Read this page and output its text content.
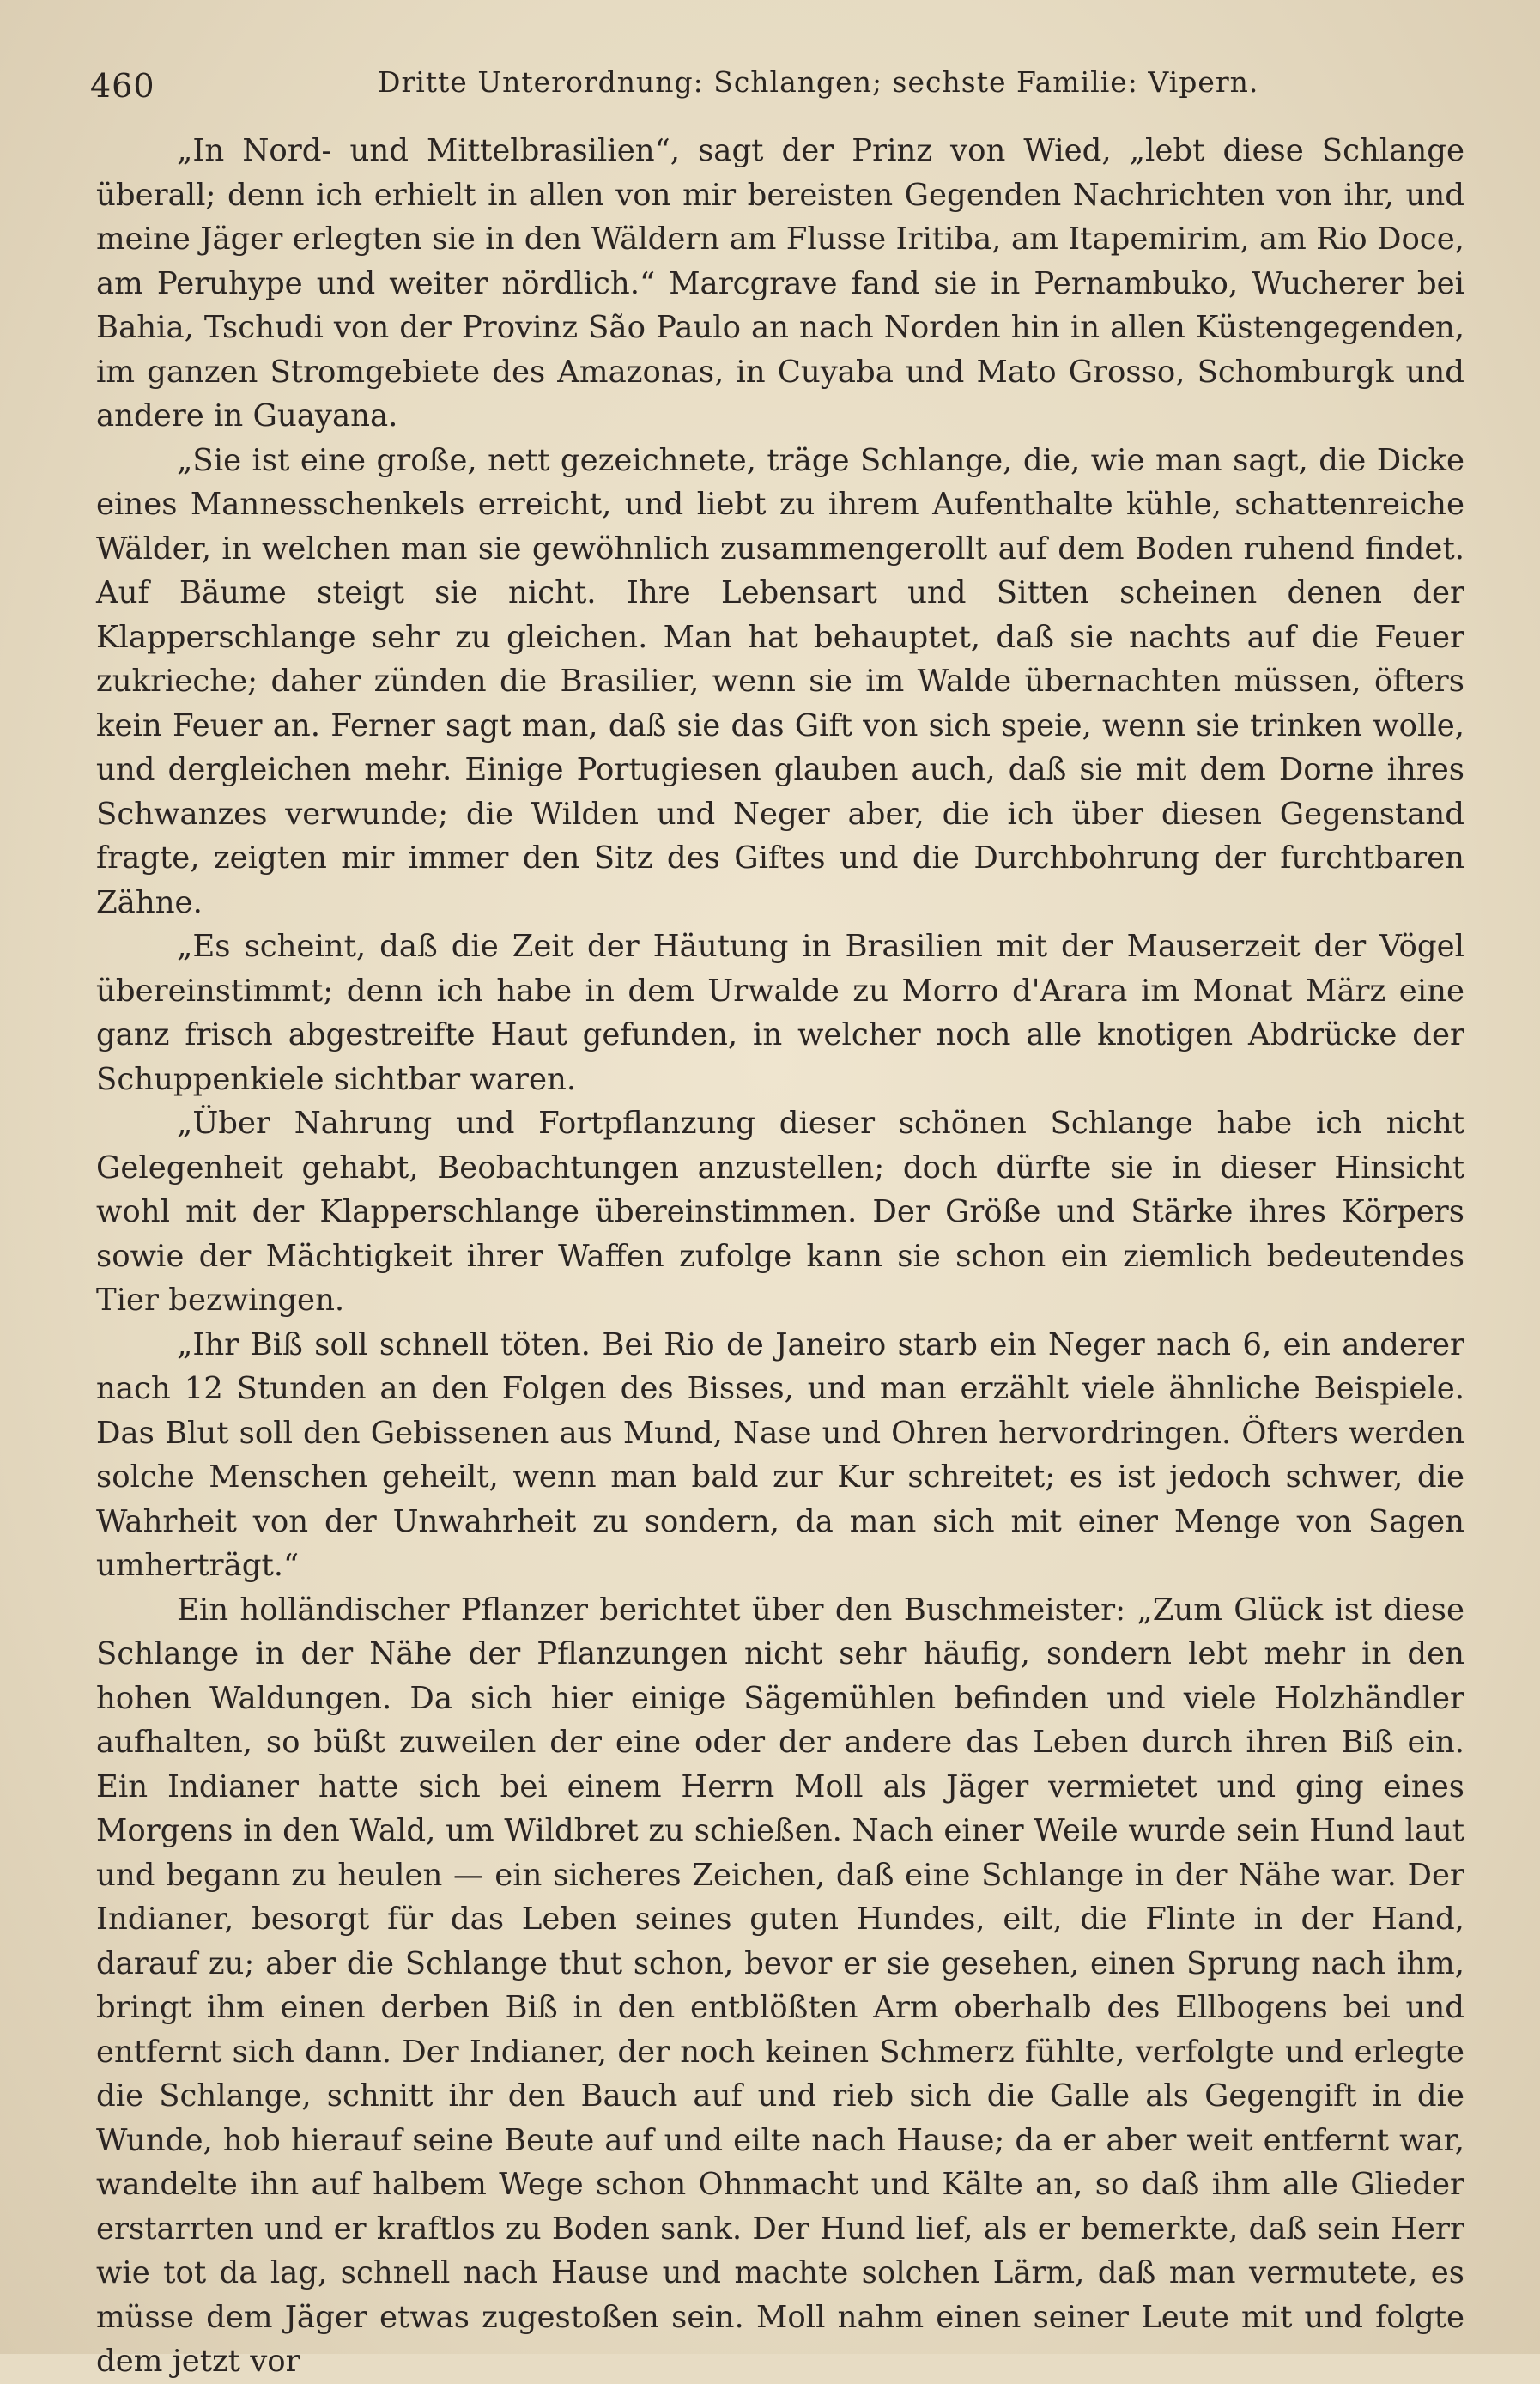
460	Dritte Unterordnung: Schlangen; sechste Familie: Vipern.

„In Nord- und Mittelbrasilien“, sagt der Prinz von Wied, „lebt diese Schlange überall; denn ich erhielt in allen von mir bereisten Gegenden Nachrichten von ihr, und meine Jäger erlegten sie in den Wäldern am Flusse Iritiba, am Itapemirim, am Rio Doce, am Peruhype und weiter nördlich.“ Marcgrave fand sie in Pernambuko, Wucherer bei Bahia, Tschudi von der Provinz São Paulo an nach Norden hin in allen Küstengegenden, im ganzen Stromgebiete des Amazonas, in Cuyaba und Mato Grosso, Schomburgk und andere in Guayana.

„Sie ist eine große, nett gezeichnete, träge Schlange, die, wie man sagt, die Dicke eines Mannesschenkels erreicht, und liebt zu ihrem Aufenthalte kühle, schattenreiche Wälder, in welchen man sie gewöhnlich zusammengerollt auf dem Boden ruhend findet. Auf Bäume steigt sie nicht. Ihre Lebensart und Sitten scheinen denen der Klapperschlange sehr zu gleichen. Man hat behauptet, daß sie nachts auf die Feuer zukrieche; daher zünden die Brasilier, wenn sie im Walde übernachten müssen, öfters kein Feuer an. Ferner sagt man, daß sie das Gift von sich speie, wenn sie trinken wolle, und dergleichen mehr. Einige Portugiesen glauben auch, daß sie mit dem Dorne ihres Schwanzes verwunde; die Wilden und Neger aber, die ich über diesen Gegenstand fragte, zeigten mir immer den Sitz des Giftes und die Durchbohrung der furchtbaren Zähne.

„Es scheint, daß die Zeit der Häutung in Brasilien mit der Mauserzeit der Vögel übereinstimmt; denn ich habe in dem Urwalde zu Morro d'Arara im Monat März eine ganz frisch abgestreifte Haut gefunden, in welcher noch alle knotigen Abdrücke der Schuppenkiele sichtbar waren.

„Über Nahrung und Fortpflanzung dieser schönen Schlange habe ich nicht Gelegenheit gehabt, Beobachtungen anzustellen; doch dürfte sie in dieser Hinsicht wohl mit der Klapperschlange übereinstimmen. Der Größe und Stärke ihres Körpers sowie der Mächtigkeit ihrer Waffen zufolge kann sie schon ein ziemlich bedeutendes Tier bezwingen.

„Ihr Biß soll schnell töten. Bei Rio de Janeiro starb ein Neger nach 6, ein anderer nach 12 Stunden an den Folgen des Bisses, und man erzählt viele ähnliche Beispiele. Das Blut soll den Gebissenen aus Mund, Nase und Ohren hervordringen. Öfters werden solche Menschen geheilt, wenn man bald zur Kur schreitet; es ist jedoch schwer, die Wahrheit von der Unwahrheit zu sondern, da man sich mit einer Menge von Sagen umherträgt.“

Ein holländischer Pflanzer berichtet über den Buschmeister: „Zum Glück ist diese Schlange in der Nähe der Pflanzungen nicht sehr häufig, sondern lebt mehr in den hohen Waldungen. Da sich hier einige Sägemühlen befinden und viele Holzhändler aufhalten, so büßt zuweilen der eine oder der andere das Leben durch ihren Biß ein. Ein Indianer hatte sich bei einem Herrn Moll als Jäger vermietet und ging eines Morgens in den Wald, um Wildbret zu schießen. Nach einer Weile wurde sein Hund laut und begann zu heulen — ein sicheres Zeichen, daß eine Schlange in der Nähe war. Der Indianer, besorgt für das Leben seines guten Hundes, eilt, die Flinte in der Hand, darauf zu; aber die Schlange thut schon, bevor er sie gesehen, einen Sprung nach ihm, bringt ihm einen derben Biß in den entblößten Arm oberhalb des Ellbogens bei und entfernt sich dann. Der Indianer, der noch keinen Schmerz fühlte, verfolgte und erlegte die Schlange, schnitt ihr den Bauch auf und rieb sich die Galle als Gegengift in die Wunde, hob hierauf seine Beute auf und eilte nach Hause; da er aber weit entfernt war, wandelte ihn auf halbem Wege schon Ohnmacht und Kälte an, so daß ihm alle Glieder erstarrten und er kraftlos zu Boden sank. Der Hund lief, als er bemerkte, daß sein Herr wie tot da lag, schnell nach Hause und machte solchen Lärm, daß man vermutete, es müsse dem Jäger etwas zugestoßen sein. Moll nahm einen seiner Leute mit und folgte dem jetzt vor
